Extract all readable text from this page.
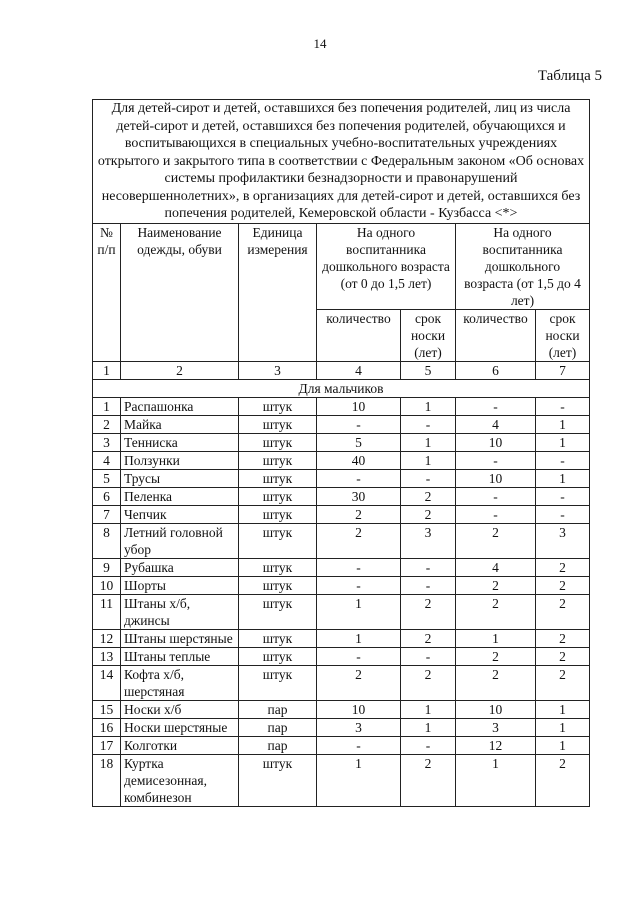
14
Таблица 5
Для детей-сирот и детей, оставшихся без попечения родителей, лиц из числа детей-сирот и детей, оставшихся без попечения родителей, обучающихся и воспитывающихся в специальных учебно-воспитательных учреждениях открытого и закрытого типа в соответствии с Федеральным законом «Об основах системы профилактики безнадзорности и правонарушений несовершеннолетних», в организациях для детей-сирот и детей, оставшихся без попечения родителей, Кемеровской области - Кузбасса <*>						
№ п/п	Наименование одежды, обуви	Единица измерения	На одного воспитанника дошкольного возраста (от 0 до 1,5 лет)		На одного воспитанника дошкольного возраста (от 1,5 до 4 лет)	
			количество	срок носки (лет)	количество	срок носки (лет)
1	2	3	4	5	6	7
Для мальчиков						
1	Распашонка	штук	10	1	-	-
2	Майка	штук	-	-	4	1
3	Тенниска	штук	5	1	10	1
4	Ползунки	штук	40	1	-	-
5	Трусы	штук	-	-	10	1
6	Пеленка	штук	30	2	-	-
7	Чепчик	штук	2	2	-	-
8	Летний головной убор	штук	2	3	2	3
9	Рубашка	штук	-	-	4	2
10	Шорты	штук	-	-	2	2
11	Штаны х/б, джинсы	штук	1	2	2	2
12	Штаны шерстяные	штук	1	2	1	2
13	Штаны теплые	штук	-	-	2	2
14	Кофта х/б, шерстяная	штук	2	2	2	2
15	Носки х/б	пар	10	1	10	1
16	Носки шерстяные	пар	3	1	3	1
17	Колготки	пар	-	-	12	1
18	Куртка демисезонная, комбинезон	штук	1	2	1	2
